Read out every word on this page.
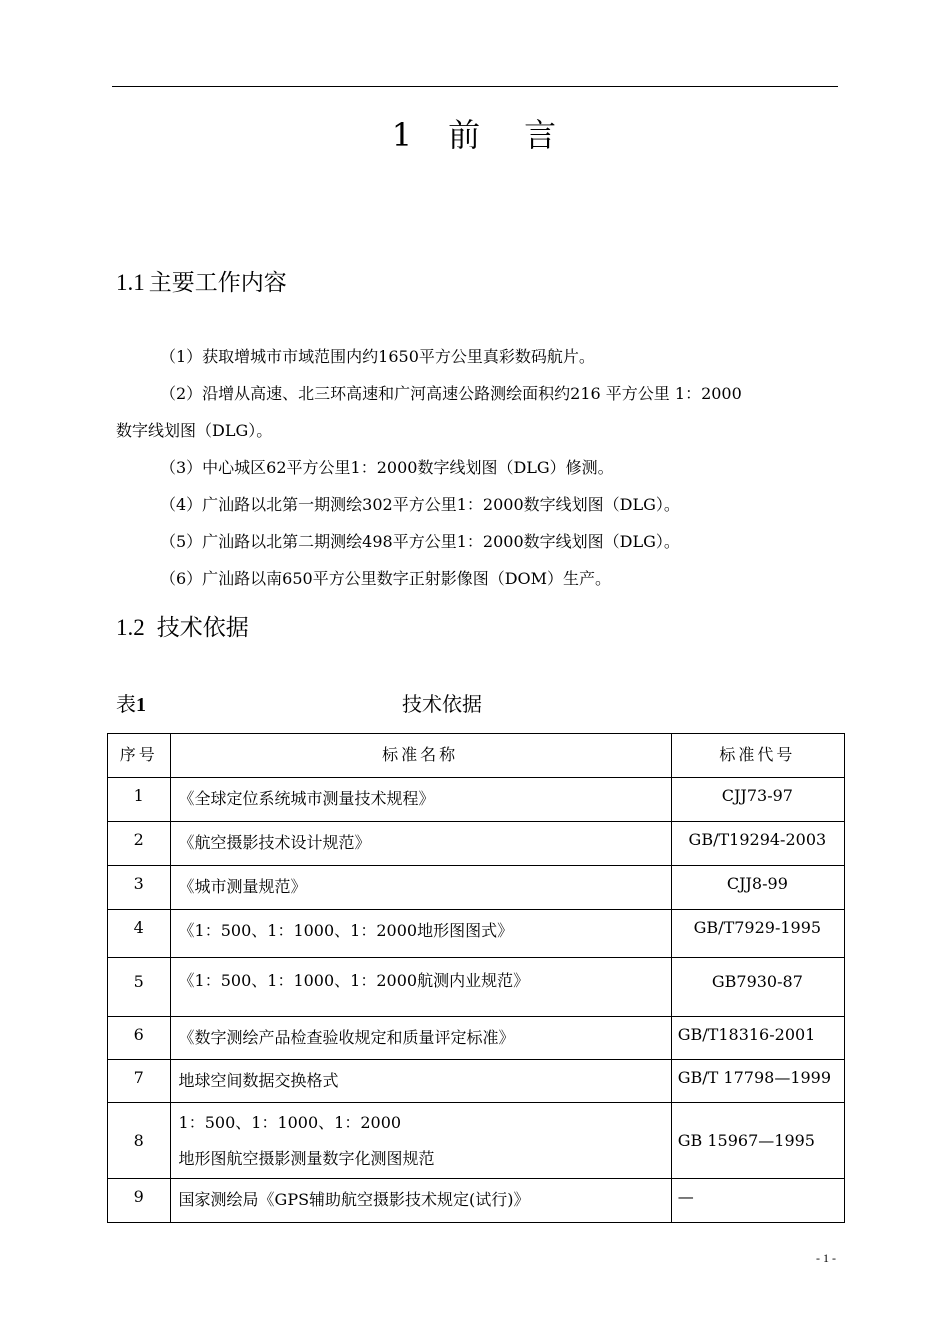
1 前 言
1.1 主要工作内容
（1）获取增城市市域范围内约1650平方公里真彩数码航片。
（2）沿增从高速、北三环高速和广河高速公路测绘面积约216 平方公里 1：2000
数字线划图（DLG）。
（3）中心城区62平方公里1：2000数字线划图（DLG）修测。
（4）广汕路以北第一期测绘302平方公里1：2000数字线划图（DLG）。
（5）广汕路以北第二期测绘498平方公里1：2000数字线划图（DLG）。
（6）广汕路以南650平方公里数字正射影像图（DOM）生产。
1.2 技术依据
表1	技术依据
序号	标准名称	标准代号
1	《全球定位系统城市测量技术规程》	CJJ73-97
2	《航空摄影技术设计规范》	GB/T19294-2003
3	《城市测量规范》	CJJ8-99
4	《1：500、1：1000、1：2000地形图图式》	GB/T7929-1995
5	《1：500、1：1000、1：2000航测内业规范》	GB7930-87
6	《数字测绘产品检查验收规定和质量评定标准》	GB/T18316-2001
7	地球空间数据交换格式	GB/T 17798—1999
8	1：500、1：1000、1：2000
地形图航空摄影测量数字化测图规范	GB 15967—1995
9	国家测绘局《GPS辅助航空摄影技术规定(试行)》	—
- 1 -
